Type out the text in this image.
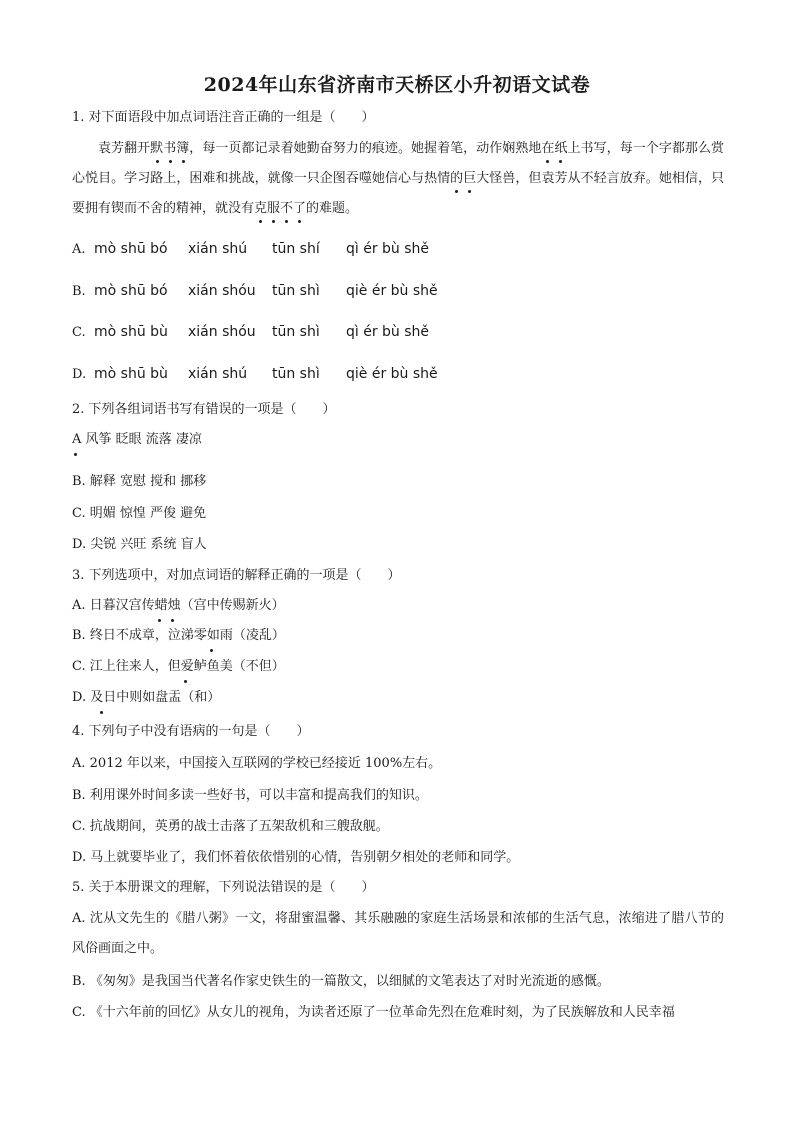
2024年山东省济南市天桥区小升初语文试卷
1. 对下面语段中加点词语注音正确的一组是（　　）
袁芳翻开默书簿，每一页都记录着她勤奋努力的痕迹。她握着笔，动作娴熟地在纸上书写，每一个字都那么赏心悦目。学习路上，困难和挑战，就像一只企图吞噬她信心与热情的巨大怪兽，但袁芳从不轻言放弃。她相信，只要拥有锲而不舍的精神，就没有克服不了的难题。
A. mò shū bó xián shú tūn shí qì ér bù shě
B. mò shū bó xián shóu tūn shì qiè ér bù shě
C. mò shū bù xián shóu tūn shì qì ér bù shě
D. mò shū bù xián shú tūn shì qiè ér bù shě
2. 下列各组词语书写有错误的一项是（　　）
A 风筝 眨眼 流落 凄凉
B. 解释 宽慰 搅和 挪移
C. 明媚 惊惶 严俊 避免
D. 尖锐 兴旺 系统 盲人
3. 下列选项中，对加点词语的解释正确的一项是（　　）
A. 日暮汉宫传蜡烛（宫中传赐新火）
B. 终日不成章，泣涕零如雨（凌乱）
C. 江上往来人，但爱鲈鱼美（不但）
D. 及日中则如盘盂（和）
4. 下列句子中没有语病的一句是（　　）
A. 2012 年以来，中国接入互联网的学校已经接近 100%左右。
B. 利用课外时间多读一些好书，可以丰富和提高我们的知识。
C. 抗战期间，英勇的战士击落了五架敌机和三艘敌舰。
D. 马上就要毕业了，我们怀着依依惜别的心情，告别朝夕相处的老师和同学。
5. 关于本册课文的理解，下列说法错误的是（　　）
A. 沈从文先生的《腊八粥》一文，将甜蜜温馨、其乐融融的家庭生活场景和浓郁的生活气息，浓缩进了腊八节的风俗画面之中。
B. 《匆匆》是我国当代著名作家史铁生的一篇散文，以细腻的文笔表达了对时光流逝的感慨。
C. 《十六年前的回忆》从女儿的视角，为读者还原了一位革命先烈在危难时刻，为了民族解放和人民幸福
